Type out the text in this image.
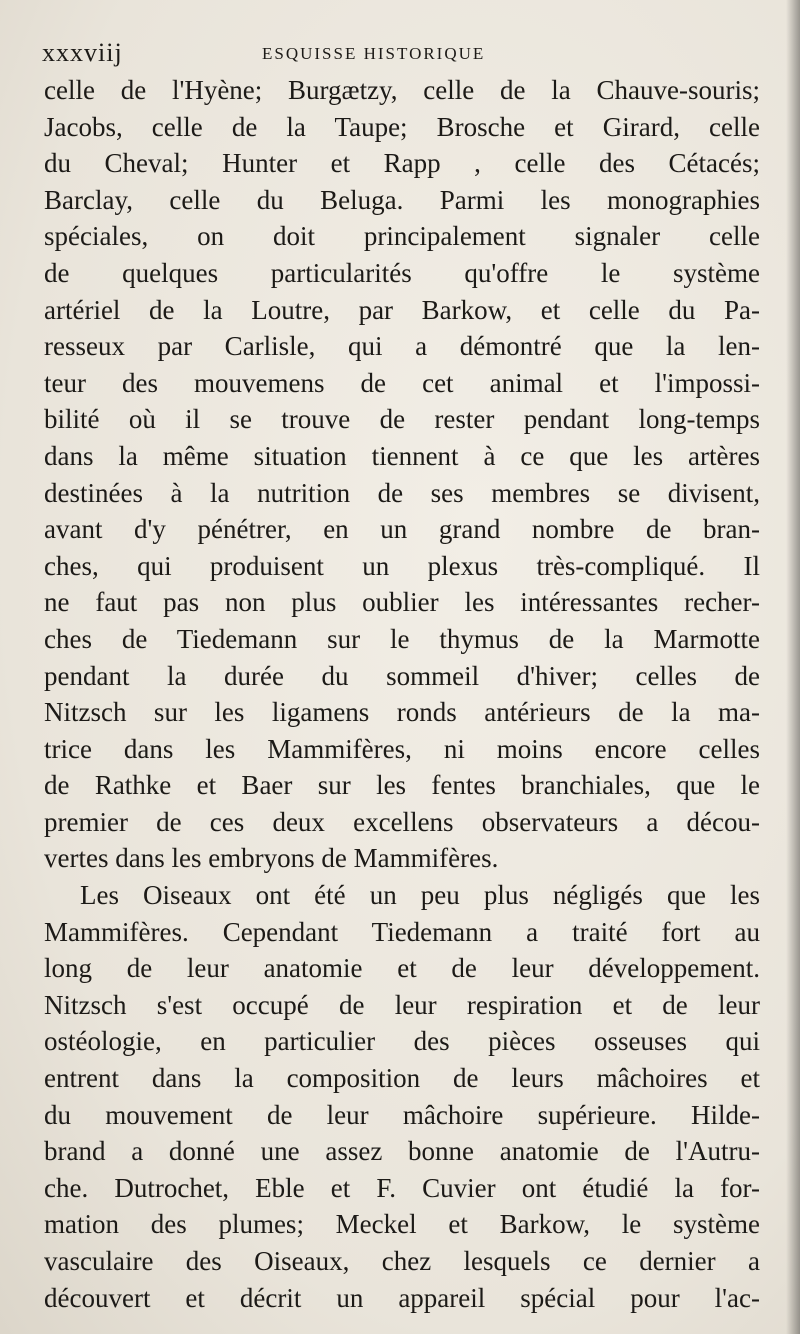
xxxviij	ESQUISSE HISTORIQUE
celle de l'Hyène; Burgætzy, celle de la Chauve-souris;
Jacobs, celle de la Taupe; Brosche et Girard, celle
du Cheval; Hunter et Rapp , celle des Cétacés;
Barclay, celle du Beluga. Parmi les monographies
spéciales, on doit principalement signaler celle
de quelques particularités qu'offre le système
artériel de la Loutre, par Barkow, et celle du Pa-
resseux par Carlisle, qui a démontré que la len-
teur des mouvemens de cet animal et l'impossi-
bilité où il se trouve de rester pendant long-temps
dans la même situation tiennent à ce que les artères
destinées à la nutrition de ses membres se divisent,
avant d'y pénétrer, en un grand nombre de bran-
ches, qui produisent un plexus très-compliqué. Il
ne faut pas non plus oublier les intéressantes recher-
ches de Tiedemann sur le thymus de la Marmotte
pendant la durée du sommeil d'hiver; celles de
Nitzsch sur les ligamens ronds antérieurs de la ma-
trice dans les Mammifères, ni moins encore celles
de Rathke et Baer sur les fentes branchiales, que le
premier de ces deux excellens observateurs a décou-
vertes dans les embryons de Mammifères.
Les Oiseaux ont été un peu plus négligés que les
Mammifères. Cependant Tiedemann a traité fort au
long de leur anatomie et de leur développement.
Nitzsch s'est occupé de leur respiration et de leur
ostéologie, en particulier des pièces osseuses qui
entrent dans la composition de leurs mâchoires et
du mouvement de leur mâchoire supérieure. Hilde-
brand a donné une assez bonne anatomie de l'Autru-
che. Dutrochet, Eble et F. Cuvier ont étudié la for-
mation des plumes; Meckel et Barkow, le système
vasculaire des Oiseaux, chez lesquels ce dernier a
découvert et décrit un appareil spécial pour l'ac-
